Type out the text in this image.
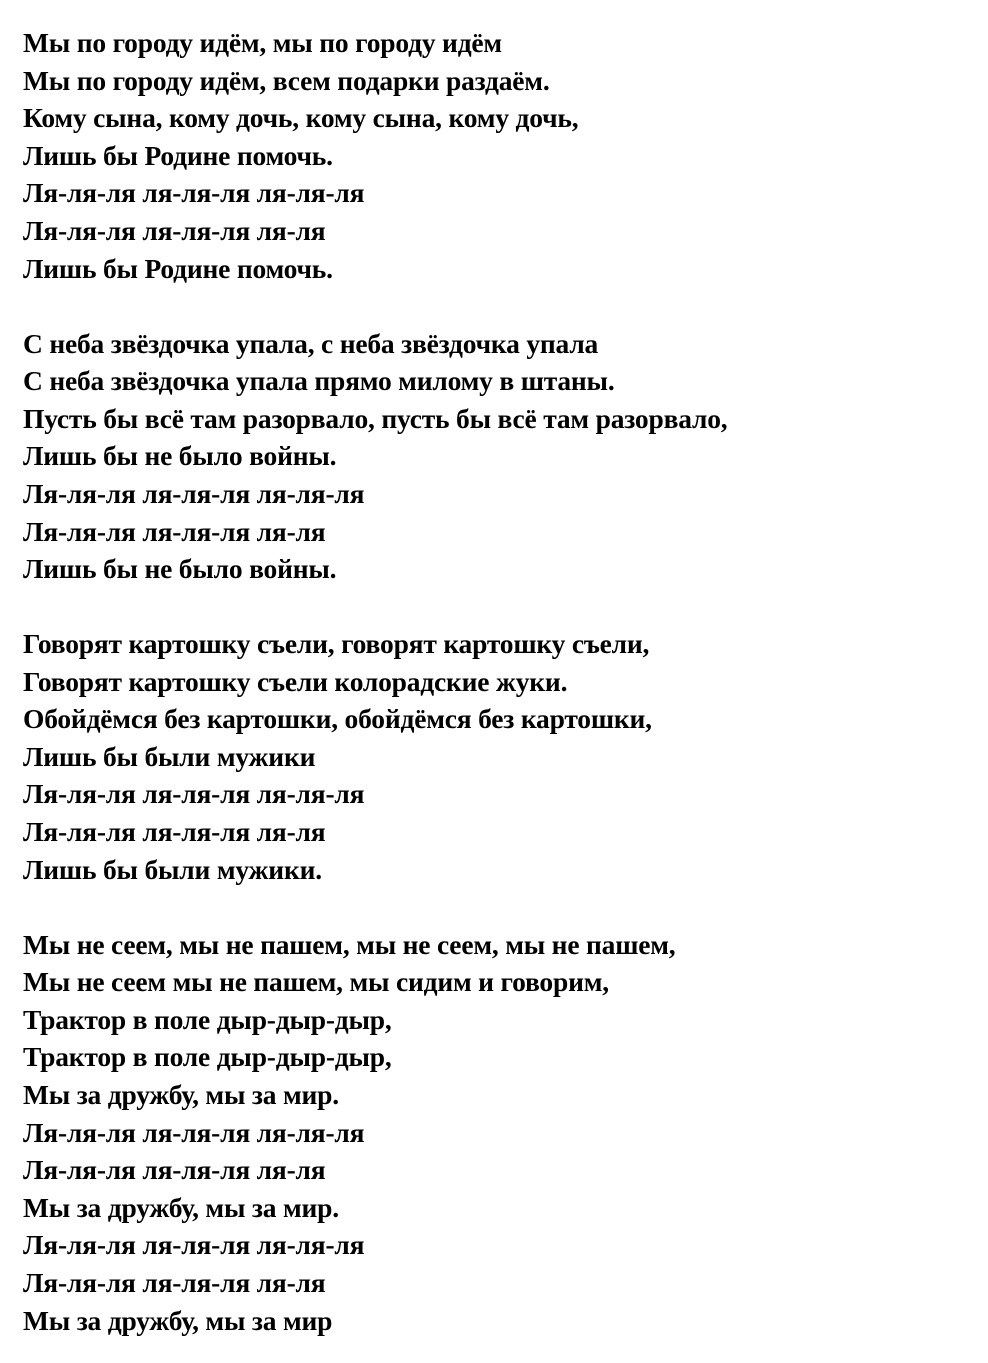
Мы по городу идём, мы по городу идём
Мы по городу идём, всем подарки раздаём.
Кому сына, кому дочь, кому сына, кому дочь,
Лишь бы Родине помочь.
Ля-ля-ля ля-ля-ля ля-ля-ля
Ля-ля-ля ля-ля-ля ля-ля
Лишь бы Родине помочь.
С неба звёздочка упала, с неба звёздочка упала
С неба звёздочка упала прямо милому в штаны.
Пусть бы всё там разорвало, пусть бы всё там разорвало,
Лишь бы не было войны.
Ля-ля-ля ля-ля-ля ля-ля-ля
Ля-ля-ля ля-ля-ля ля-ля
Лишь бы не было войны.
Говорят картошку съели, говорят картошку съели,
Говорят картошку съели колорадские жуки.
Обойдёмся без картошки, обойдёмся без картошки,
Лишь бы были мужики
Ля-ля-ля ля-ля-ля ля-ля-ля
Ля-ля-ля ля-ля-ля ля-ля
Лишь бы были мужики.
Мы не сеем, мы не пашем, мы не сеем, мы не пашем,
Мы не сеем мы не пашем, мы сидим и говорим,
Трактор в поле дыр-дыр-дыр,
Трактор в поле дыр-дыр-дыр,
Мы за дружбу, мы за мир.
Ля-ля-ля ля-ля-ля ля-ля-ля
Ля-ля-ля ля-ля-ля ля-ля
Мы за дружбу, мы за мир.
Ля-ля-ля ля-ля-ля ля-ля-ля
Ля-ля-ля ля-ля-ля ля-ля
Мы за дружбу, мы за мир
